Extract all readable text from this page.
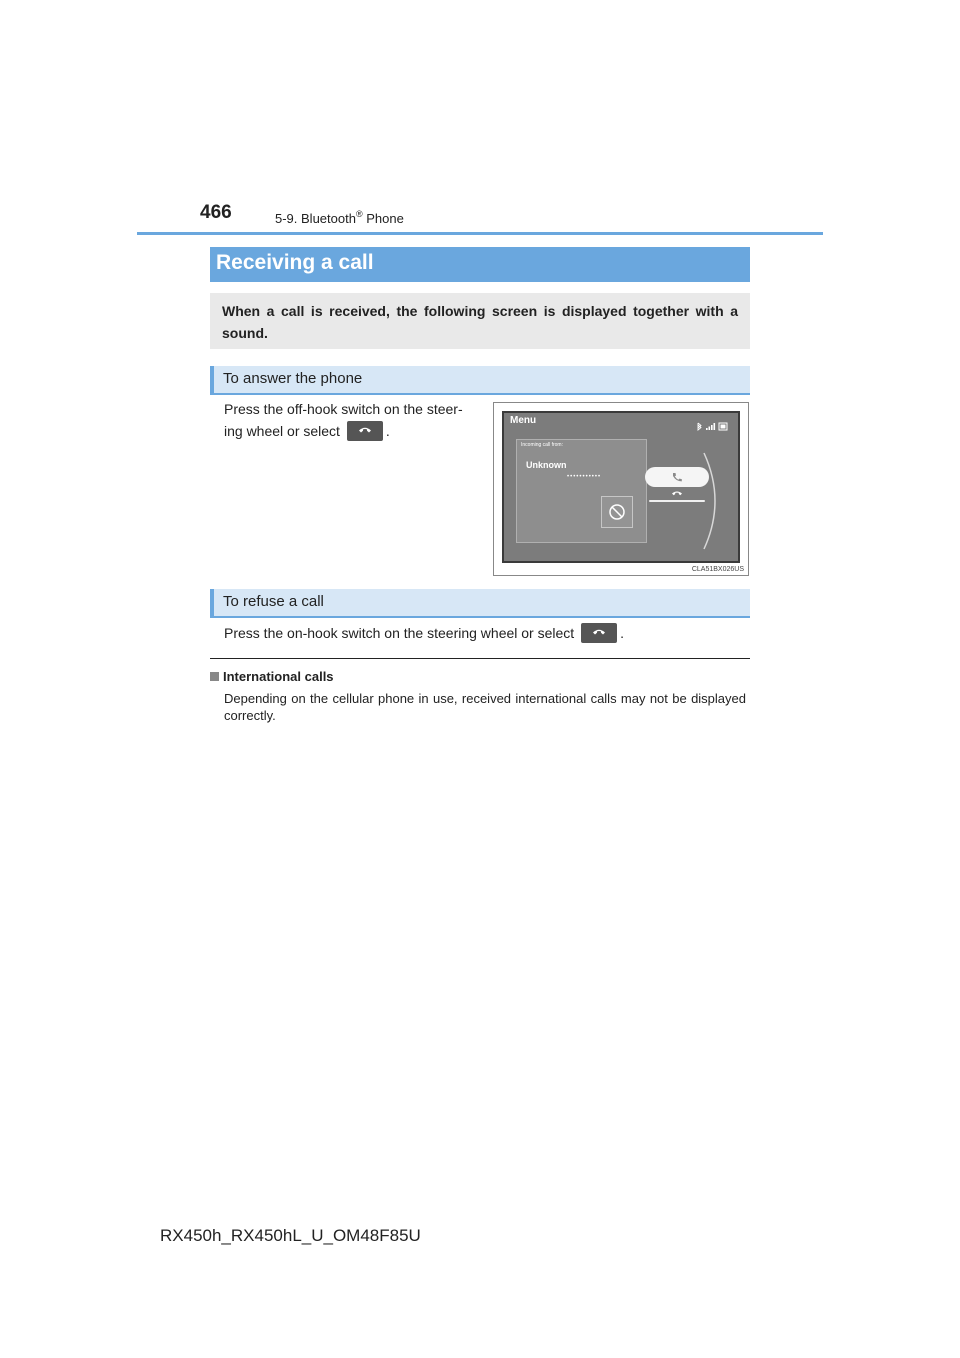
466	5-9. Bluetooth® Phone
Receiving a call
When a call is received, the following screen is displayed together with a sound.
To answer the phone
Press the off-hook switch on the steer-
ing wheel or select	.
Menu
Incoming call from:
Unknown
•••••••••••
CLA51BX026US
To refuse a call
Press the on-hook switch on the steering wheel or select	.
International calls
Depending on the cellular phone in use, received international calls may not be displayed correctly.
RX450h_RX450hL_U_OM48F85U
